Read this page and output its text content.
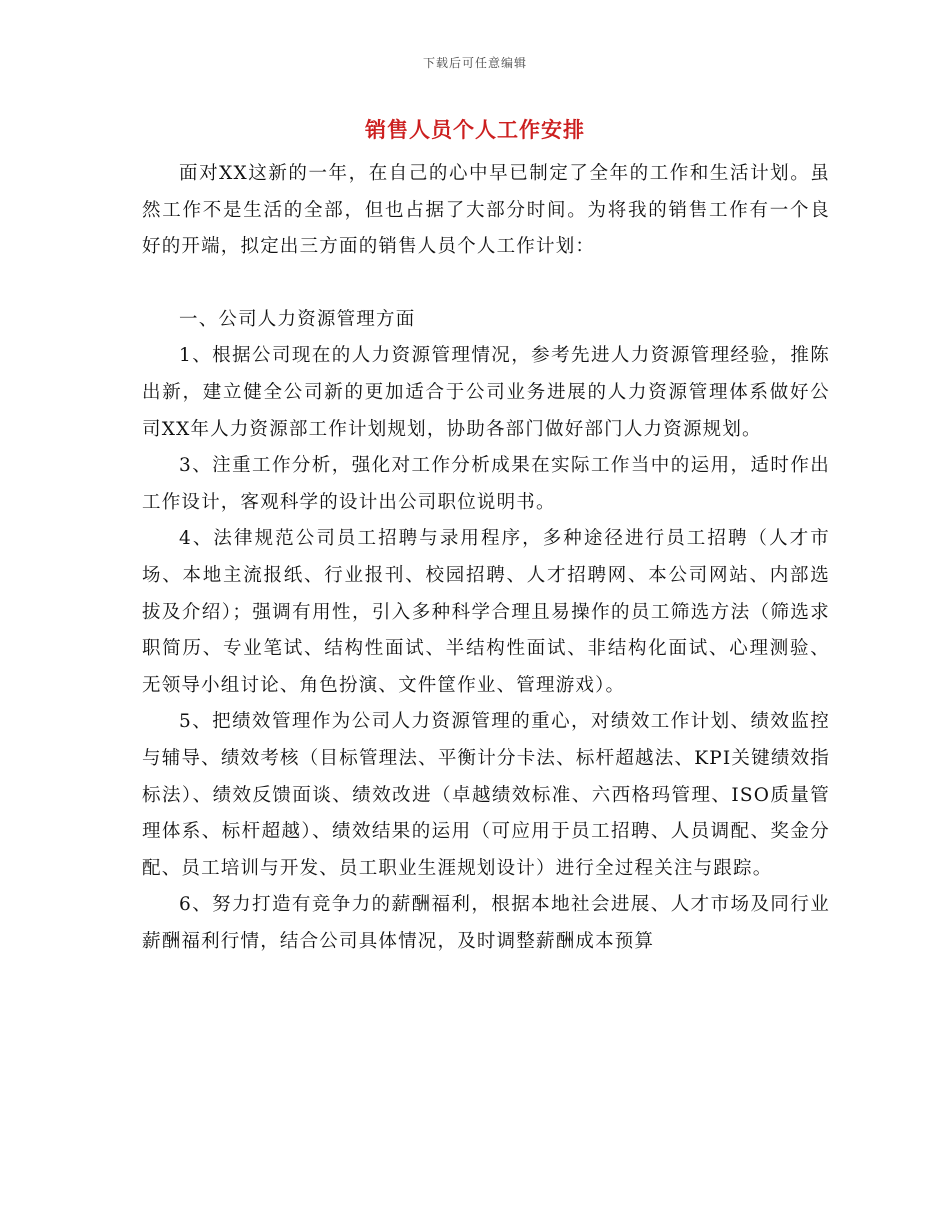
下载后可任意编辑
销售人员个人工作安排

面对XX这新的一年，在自己的心中早已制定了全年的工作和生活计划。虽然工作不是生活的全部，但也占据了大部分时间。为将我的销售工作有一个良好的开端，拟定出三方面的销售人员个人工作计划：

一、公司人力资源管理方面

1、根据公司现在的人力资源管理情况，参考先进人力资源管理经验，推陈出新，建立健全公司新的更加适合于公司业务进展的人力资源管理体系做好公司XX年人力资源部工作计划规划，协助各部门做好部门人力资源规划。

3、注重工作分析，强化对工作分析成果在实际工作当中的运用，适时作出工作设计，客观科学的设计出公司职位说明书。

4、法律规范公司员工招聘与录用程序，多种途径进行员工招聘（人才市场、本地主流报纸、行业报刊、校园招聘、人才招聘网、本公司网站、内部选拔及介绍）；强调有用性，引入多种科学合理且易操作的员工筛选方法（筛选求职简历、专业笔试、结构性面试、半结构性面试、非结构化面试、心理测验、无领导小组讨论、角色扮演、文件筐作业、管理游戏）。

5、把绩效管理作为公司人力资源管理的重心，对绩效工作计划、绩效监控与辅导、绩效考核（目标管理法、平衡计分卡法、标杆超越法、KPI关键绩效指标法）、绩效反馈面谈、绩效改进（卓越绩效标准、六西格玛管理、ISO质量管理体系、标杆超越）、绩效结果的运用（可应用于员工招聘、人员调配、奖金分配、员工培训与开发、员工职业生涯规划设计）进行全过程关注与跟踪。

6、努力打造有竞争力的薪酬福利，根据本地社会进展、人才市场及同行业薪酬福利行情，结合公司具体情况，及时调整薪酬成本预算
